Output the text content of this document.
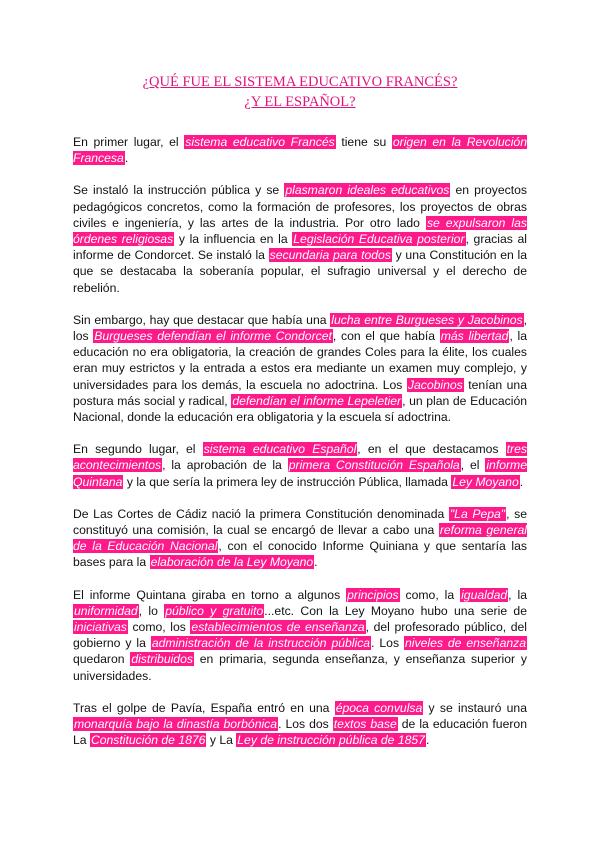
¿QUÉ FUE EL SISTEMA EDUCATIVO FRANCÉS?
¿Y EL ESPAÑOL?

En primer lugar, el sistema educativo Francés tiene su origen en la Revolución Francesa.

Se instaló la instrucción pública y se plasmaron ideales educativos en proyectos pedagógicos concretos, como la formación de profesores, los proyectos de obras civiles e ingeniería, y las artes de la industria. Por otro lado se expulsaron las órdenes religiosas y la influencia en la Legislación Educativa posterior, gracias al informe de Condorcet. Se instaló la secundaria para todos y una Constitución en la que se destacaba la soberanía popular, el sufragio universal y el derecho de rebelión.

Sin embargo, hay que destacar que había una lucha entre Burgueses y Jacobinos, los Burgueses defendían el informe Condorcet, con el que había más libertad, la educación no era obligatoria, la creación de grandes Coles para la élite, los cuales eran muy estrictos y la entrada a estos era mediante un examen muy complejo, y universidades para los demás, la escuela no adoctrina. Los Jacobinos tenían una postura más social y radical, defendían el informe Lepeletier, un plan de Educación Nacional, donde la educación era obligatoria y la escuela sí adoctrina.

En segundo lugar, el sistema educativo Español, en el que destacamos tres acontecimientos, la aprobación de la primera Constitución Española, el informe Quintana y la que sería la primera ley de instrucción Pública, llamada Ley Moyano.

De Las Cortes de Cádiz nació la primera Constitución denominada "La Pepa", se constituyó una comisión, la cual se encargó de llevar a cabo una reforma general de la Educación Nacional, con el conocido Informe Quiniana y que sentaría las bases para la elaboración de la Ley Moyano.

El informe Quintana giraba en torno a algunos principios como, la igualdad, la uniformidad, lo público y gratuito...etc. Con la Ley Moyano hubo una serie de iniciativas como, los establecimientos de enseñanza, del profesorado público, del gobierno y la administración de la instrucción pública. Los niveles de enseñanza quedaron distribuidos en primaria, segunda enseñanza, y enseñanza superior y universidades.

Tras el golpe de Pavía, España entró en una época convulsa y se instauró una monarquía bajo la dinastía borbónica. Los dos textos base de la educación fueron La Constitución de 1876 y La Ley de instrucción pública de 1857.
